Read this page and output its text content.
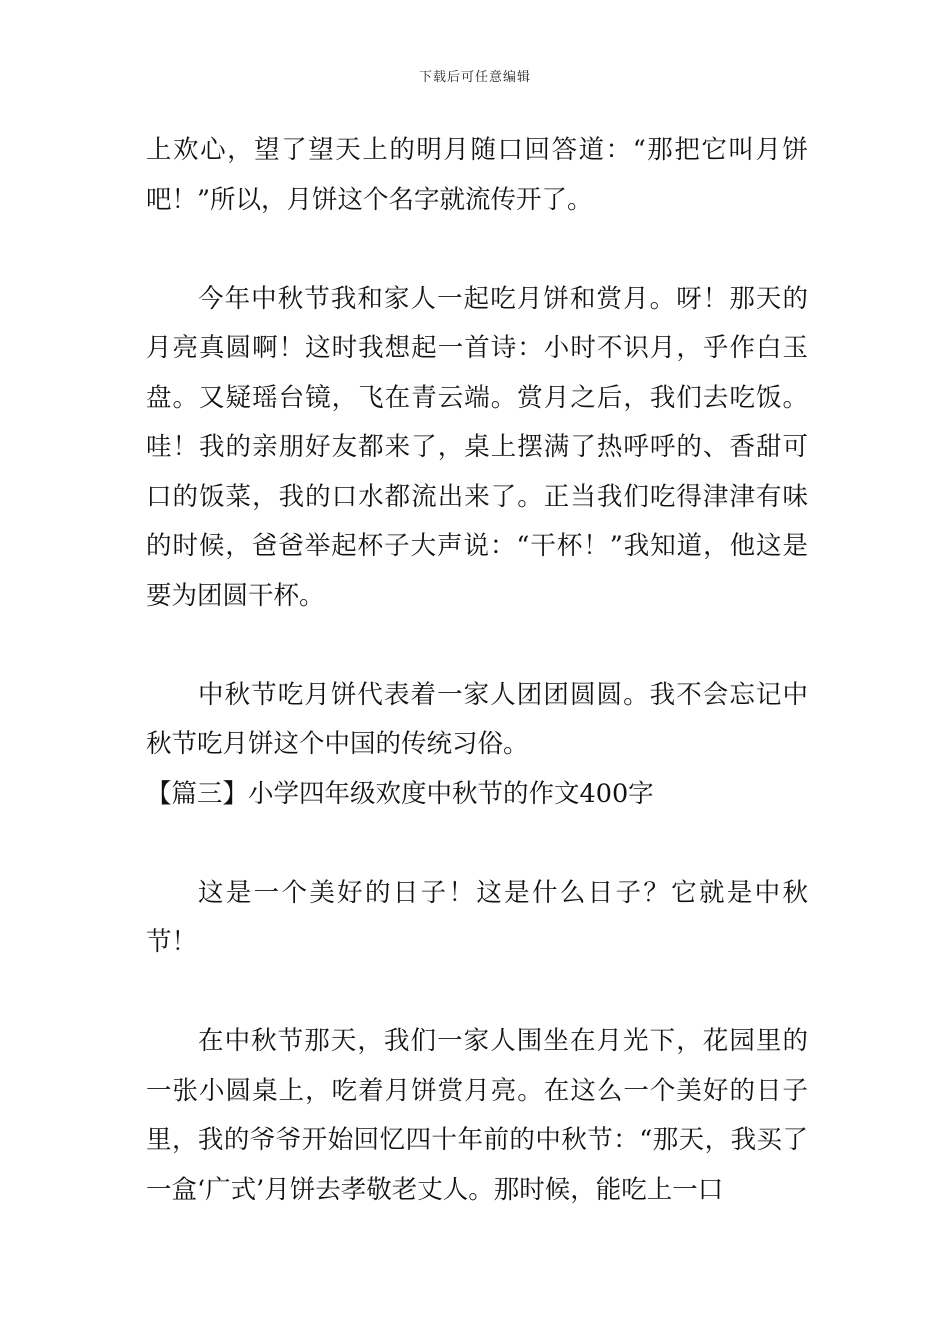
下载后可任意编辑

上欢心，望了望天上的明月随口回答道：“那把它叫月饼吧！”所以，月饼这个名字就流传开了。

今年中秋节我和家人一起吃月饼和赏月。呀！那天的月亮真圆啊！这时我想起一首诗：小时不识月，乎作白玉盘。又疑瑶台镜，飞在青云端。赏月之后，我们去吃饭。哇！我的亲朋好友都来了，桌上摆满了热呼呼的、香甜可口的饭菜，我的口水都流出来了。正当我们吃得津津有味的时候，爸爸举起杯子大声说：“干杯！”我知道，他这是要为团圆干杯。

中秋节吃月饼代表着一家人团团圆圆。我不会忘记中秋节吃月饼这个中国的传统习俗。

【篇三】小学四年级欢度中秋节的作文400字

这是一个美好的日子！这是什么日子？它就是中秋节！

在中秋节那天，我们一家人围坐在月光下，花园里的一张小圆桌上，吃着月饼赏月亮。在这么一个美好的日子里，我的爷爷开始回忆四十年前的中秋节：“那天，我买了一盒‘广式’月饼去孝敬老丈人。那时候，能吃上一口
